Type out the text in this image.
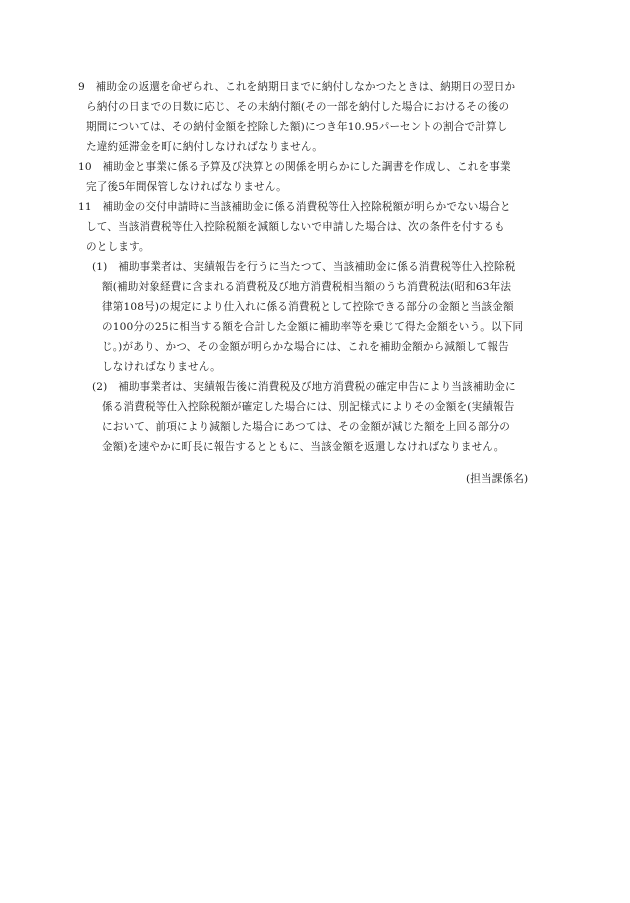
9　補助金の返還を命ぜられ、これを納期日までに納付しなかつたときは、納期日の翌日か
ら納付の日までの日数に応じ、その未納付額(その一部を納付した場合におけるその後の
期間については、その納付金額を控除した額)につき年10.95パーセントの割合で計算し
た違約延滞金を町に納付しなければなりません。
10　補助金と事業に係る予算及び決算との関係を明らかにした調書を作成し、これを事業
完了後5年間保管しなければなりません。
11　補助金の交付申請時に当該補助金に係る消費税等仕入控除税額が明らかでない場合と
して、当該消費税等仕入控除税額を減額しないで申請した場合は、次の条件を付するも
のとします。
(1)　補助事業者は、実績報告を行うに当たつて、当該補助金に係る消費税等仕入控除税
額(補助対象経費に含まれる消費税及び地方消費税相当額のうち消費税法(昭和63年法
律第108号)の規定により仕入れに係る消費税として控除できる部分の金額と当該金額
の100分の25に相当する額を合計した金額に補助率等を乗じて得た金額をいう。以下同
じ。)があり、かつ、その金額が明らかな場合には、これを補助金額から減額して報告
しなければなりません。
(2)　補助事業者は、実績報告後に消費税及び地方消費税の確定申告により当該補助金に
係る消費税等仕入控除税額が確定した場合には、別記様式によりその金額を(実績報告
において、前項により減額した場合にあつては、その金額が減じた額を上回る部分の
金額)を速やかに町長に報告するとともに、当該金額を返還しなければなりません。
(担当課係名)
